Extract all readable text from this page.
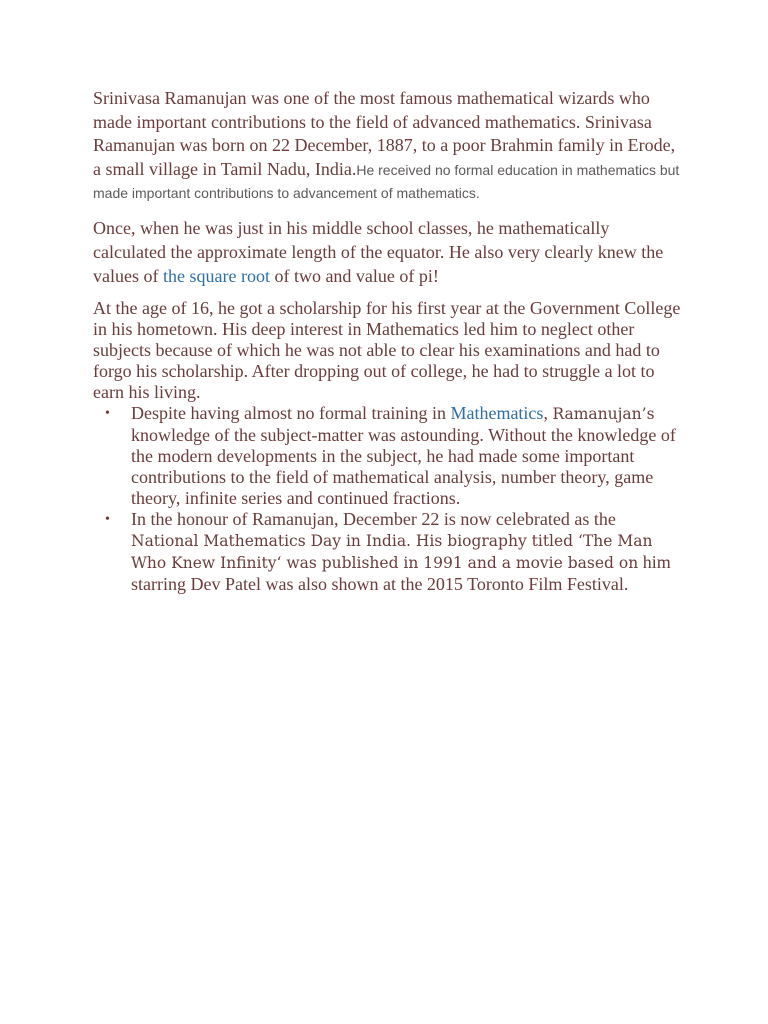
Srinivasa Ramanujan was one of the most famous mathematical wizards who made important contributions to the field of advanced mathematics. Srinivasa Ramanujan was born on 22 December, 1887, to a poor Brahmin family in Erode, a small village in Tamil Nadu, India.He received no formal education in mathematics but made important contributions to advancement of mathematics.

Once, when he was just in his middle school classes, he mathematically calculated the approximate length of the equator. He also very clearly knew the values of the square root of two and value of pi!

At the age of 16, he got a scholarship for his first year at the Government College in his hometown. His deep interest in Mathematics led him to neglect other subjects because of which he was not able to clear his examinations and had to forgo his scholarship. After dropping out of college, he had to struggle a lot to earn his living.

• Despite having almost no formal training in Mathematics, Ramanujan’s knowledge of the subject-matter was astounding. Without the knowledge of the modern developments in the subject, he had made some important contributions to the field of mathematical analysis, number theory, game theory, infinite series and continued fractions.
• In the honour of Ramanujan, December 22 is now celebrated as the National Mathematics Day in India. His biography titled ‘The Man Who Knew Infinity‘ was published in 1991 and a movie based on him starring Dev Patel was also shown at the 2015 Toronto Film Festival.
